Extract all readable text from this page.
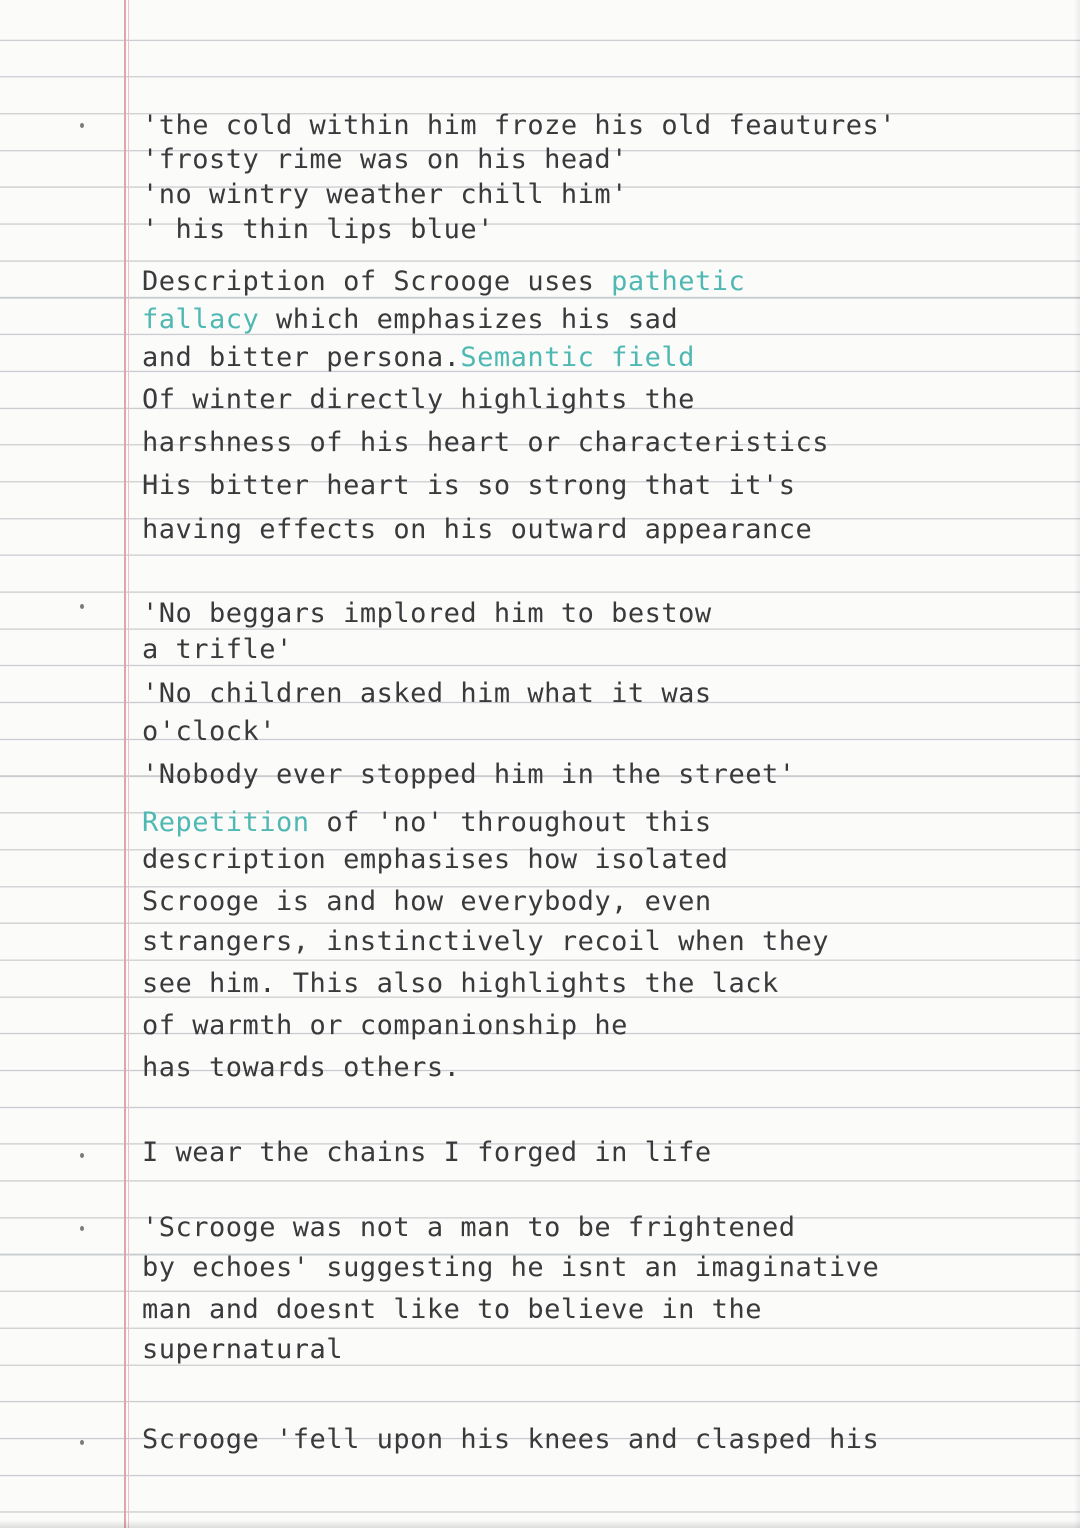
'the cold within him froze his old feautures'

'frosty rime was on his head'

'no wintry weather chill him'

' his thin lips blue'

Description of Scrooge uses pathetic

fallacy which emphasizes his sad

and bitter persona.Semantic field

Of winter directly highlights the

harshness of his heart or characteristics

His bitter heart is so strong that it's

having effects on his outward appearance

'No beggars implored him to bestow

a trifle'

'No children asked him what it was

o'clock'

'Nobody ever stopped him in the street'

Repetition of 'no' throughout this

description emphasises how isolated

Scrooge is and how everybody, even

strangers, instinctively recoil when they

see him. This also highlights the lack

of warmth or companionship he

has towards others.

I wear the chains I forged in life

'Scrooge was not a man to be frightened

by echoes' suggesting he isnt an imaginative

man and doesnt like to believe in the

supernatural

Scrooge 'fell upon his knees and clasped his
